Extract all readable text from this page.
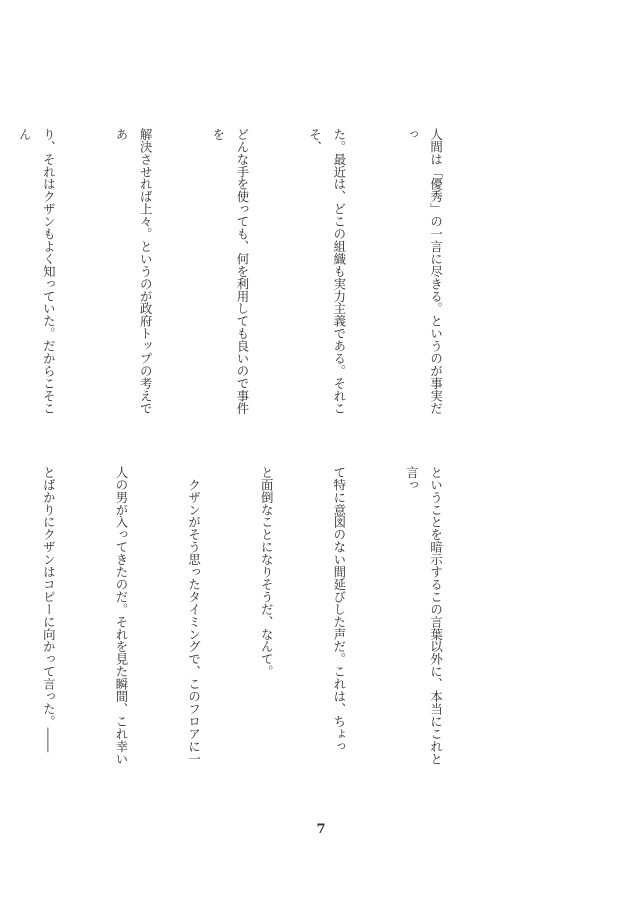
人間は「優秀」の一言に尽きる。というのが事実だっ

た。最近は、どこの組織も実力主義である。それこそ、

どんな手を使っても、何を利用しても良いので事件を

解決させれば上々。というのが政府トップの考えであ

り、それはクザンもよく知っていた。だからこそこん

ということを暗示するこの言葉以外に、本当にこれと言っ

て特に意図のない間延びした声だ。これは、ちょっ

と面倒なことになりそうだ、なんて。

　クザンがそう思ったタイミングで、このフロアに一

人の男が入ってきたのだ。それを見た瞬間、これ幸い

とばかりにクザンはコピーに向かって言った。――

7
